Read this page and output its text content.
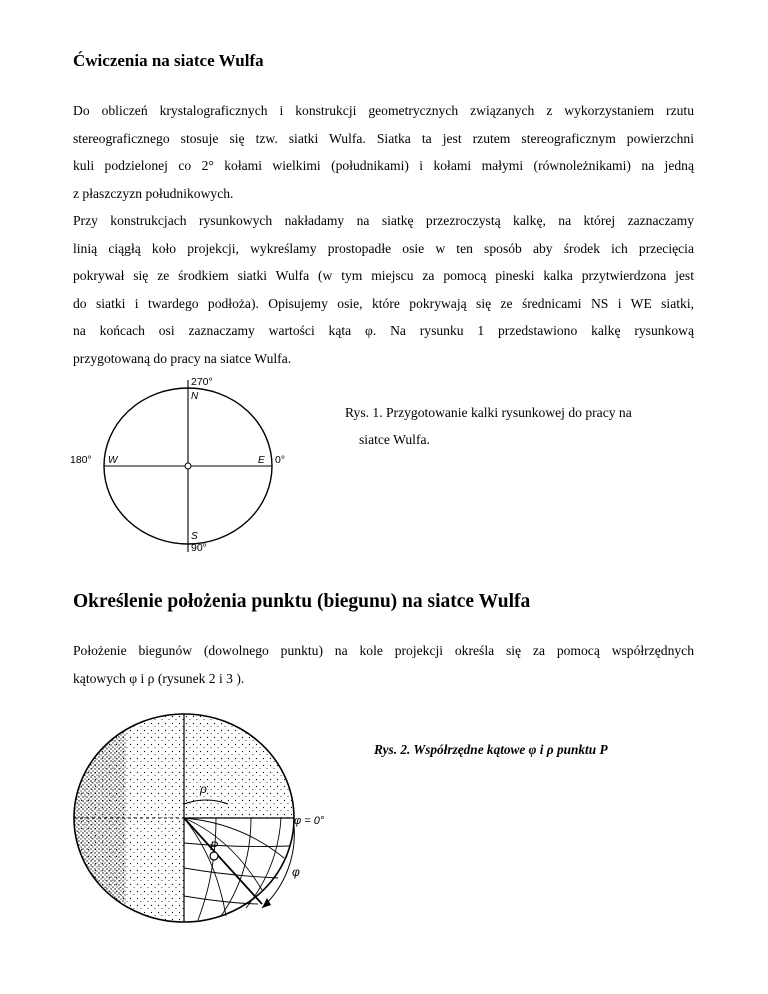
Ćwiczenia na siatce Wulfa
Do obliczeń krystalograficznych i konstrukcji geometrycznych związanych z wykorzystaniem rzutu
stereograficznego stosuje się tzw. siatki Wulfa. Siatka ta jest rzutem stereograficznym powierzchni
kuli podzielonej co 2° kołami wielkimi (południkami) i kołami małymi (równoleżnikami) na jedną
z płaszczyzn południkowych.
Przy konstrukcjach rysunkowych nakładamy na siatkę przezroczystą kalkę, na której zaznaczamy
linią ciągłą koło projekcji, wykreślamy prostopadłe osie w ten sposób aby środek ich przecięcia
pokrywał się ze środkiem siatki Wulfa (w tym miejscu za pomocą pineski kalka przytwierdzona jest
do siatki i twardego podłoża). Opisujemy osie, które pokrywają się ze średnicami NS i WE siatki,
na końcach osi zaznaczamy wartości kąta φ. Na rysunku 1 przedstawiono kalkę rysunkową
przygotowaną do pracy na siatce Wulfa.
270°
N
180° W	E 0°
S
90°
Rys. 1. Przygotowanie kalki rysunkowej do pracy na
siatce Wulfa.
Określenie położenia punktu (biegunu) na siatce Wulfa
Położenie biegunów (dowolnego punktu) na kole projekcji określa się za pomocą współrzędnych
kątowych φ i ρ (rysunek 2 i 3 ).
ρ
φ = 0°
P
φ
Rys. 2. Współrzędne kątowe φ i ρ punktu P
